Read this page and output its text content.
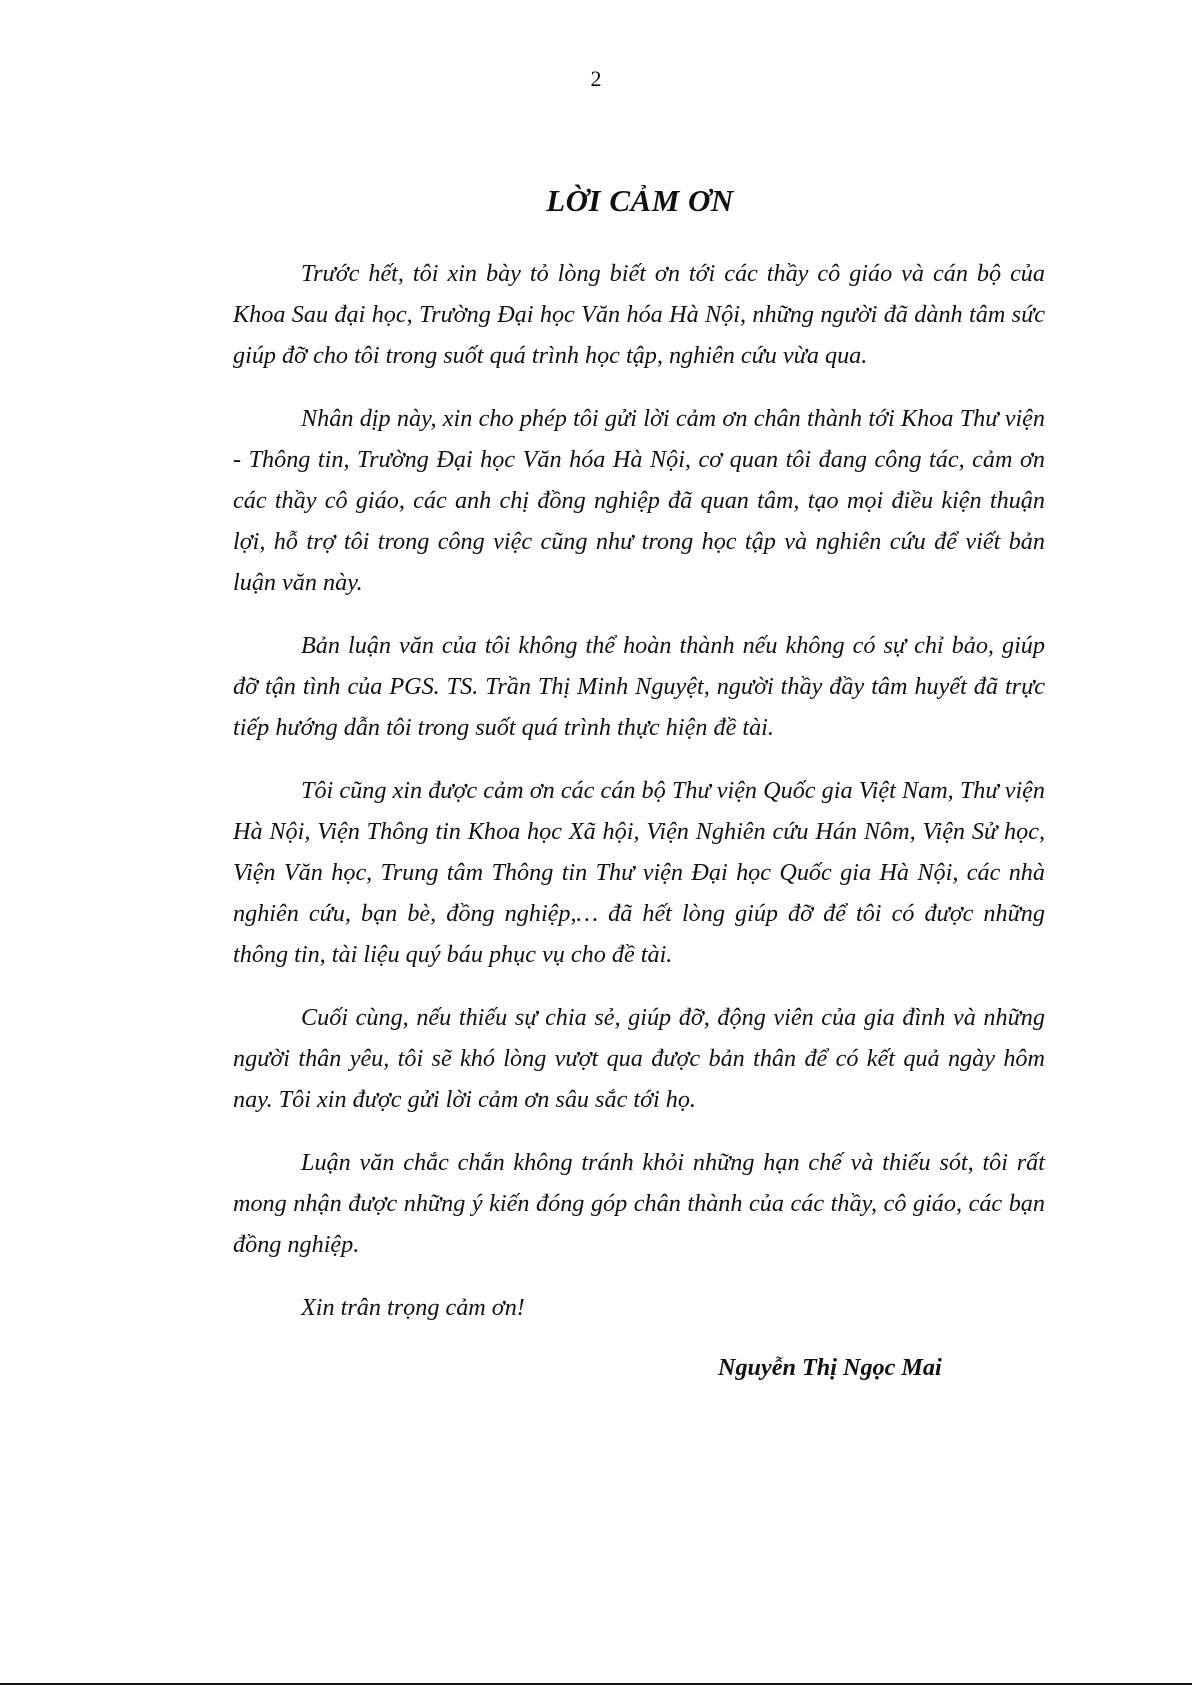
2
LỜI CẢM ƠN

Trước hết, tôi xin bày tỏ lòng biết ơn tới các thầy cô giáo và cán bộ của Khoa Sau đại học, Trường Đại học Văn hóa Hà Nội, những người đã dành tâm sức giúp đỡ cho tôi trong suốt quá trình học tập, nghiên cứu vừa qua.

Nhân dịp này, xin cho phép tôi gửi lời cảm ơn chân thành tới Khoa Thư viện - Thông tin, Trường Đại học Văn hóa Hà Nội, cơ quan tôi đang công tác, cảm ơn các thầy cô giáo, các anh chị đồng nghiệp đã quan tâm, tạo mọi điều kiện thuận lợi, hỗ trợ tôi trong công việc cũng như trong học tập và nghiên cứu để viết bản luận văn này.

Bản luận văn của tôi không thể hoàn thành nếu không có sự chỉ bảo, giúp đỡ tận tình của PGS. TS. Trần Thị Minh Nguyệt, người thầy đầy tâm huyết đã trực tiếp hướng dẫn tôi trong suốt quá trình thực hiện đề tài.

Tôi cũng xin được cảm ơn các cán bộ Thư viện Quốc gia Việt Nam, Thư viện Hà Nội, Viện Thông tin Khoa học Xã hội, Viện Nghiên cứu Hán Nôm, Viện Sử học, Viện Văn học, Trung tâm Thông tin Thư viện Đại học Quốc gia Hà Nội, các nhà nghiên cứu, bạn bè, đồng nghiệp,… đã hết lòng giúp đỡ để tôi có được những thông tin, tài liệu quý báu phục vụ cho đề tài.

Cuối cùng, nếu thiếu sự chia sẻ, giúp đỡ, động viên của gia đình và những người thân yêu, tôi sẽ khó lòng vượt qua được bản thân để có kết quả ngày hôm nay. Tôi xin được gửi lời cảm ơn sâu sắc tới họ.

Luận văn chắc chắn không tránh khỏi những hạn chế và thiếu sót, tôi rất mong nhận được những ý kiến đóng góp chân thành của các thầy, cô giáo, các bạn đồng nghiệp.

Xin trân trọng cảm ơn!

Nguyễn Thị Ngọc Mai
